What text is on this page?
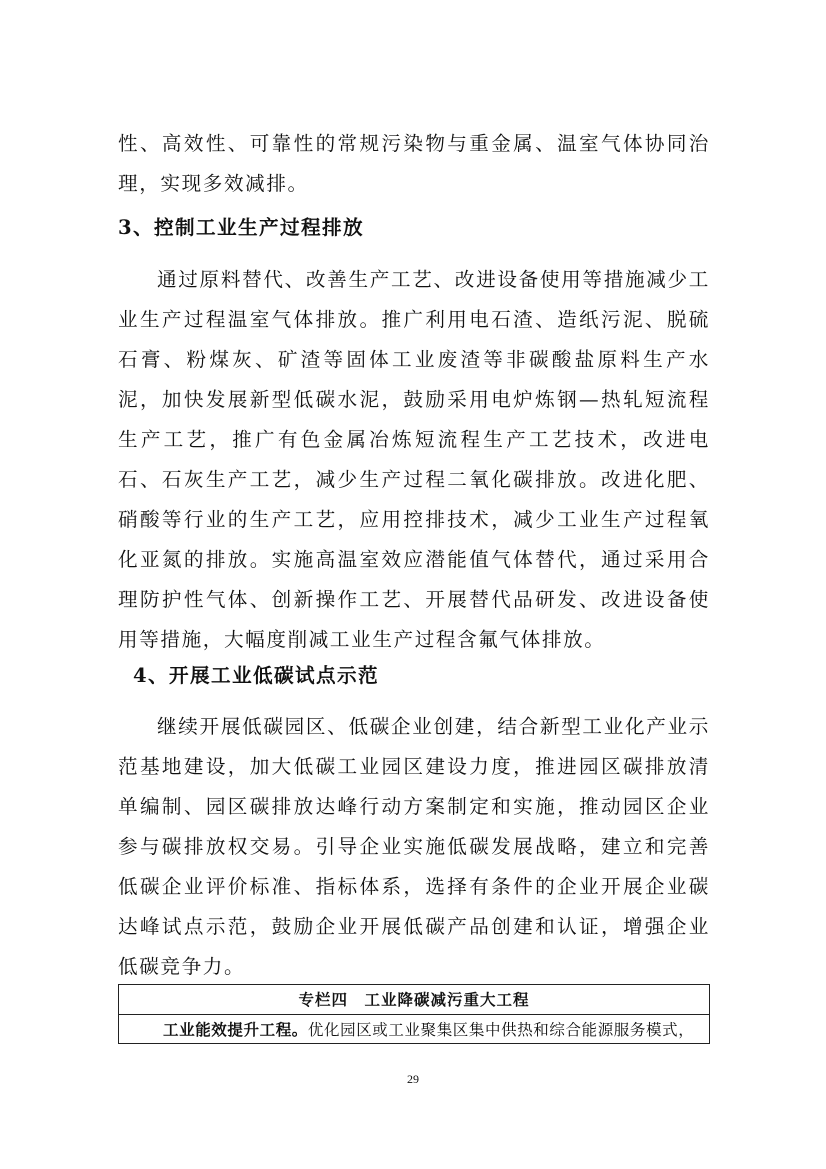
性、高效性、可靠性的常规污染物与重金属、温室气体协同治理，实现多效减排。

3、控制工业生产过程排放

通过原料替代、改善生产工艺、改进设备使用等措施减少工业生产过程温室气体排放。推广利用电石渣、造纸污泥、脱硫石膏、粉煤灰、矿渣等固体工业废渣等非碳酸盐原料生产水泥，加快发展新型低碳水泥，鼓励采用电炉炼钢—热轧短流程生产工艺，推广有色金属冶炼短流程生产工艺技术，改进电石、石灰生产工艺，减少生产过程二氧化碳排放。改进化肥、硝酸等行业的生产工艺，应用控排技术，减少工业生产过程氧化亚氮的排放。实施高温室效应潜能值气体替代，通过采用合理防护性气体、创新操作工艺、开展替代品研发、改进设备使用等措施，大幅度削减工业生产过程含氟气体排放。

4、开展工业低碳试点示范

继续开展低碳园区、低碳企业创建，结合新型工业化产业示范基地建设，加大低碳工业园区建设力度，推进园区碳排放清单编制、园区碳排放达峰行动方案制定和实施，推动园区企业参与碳排放权交易。引导企业实施低碳发展战略，建立和完善低碳企业评价标准、指标体系，选择有条件的企业开展企业碳达峰试点示范，鼓励企业开展低碳产品创建和认证，增强企业低碳竞争力。

专栏四　工业降碳减污重大工程
工业能效提升工程。优化园区或工业聚集区集中供热和综合能源服务模式，
29
